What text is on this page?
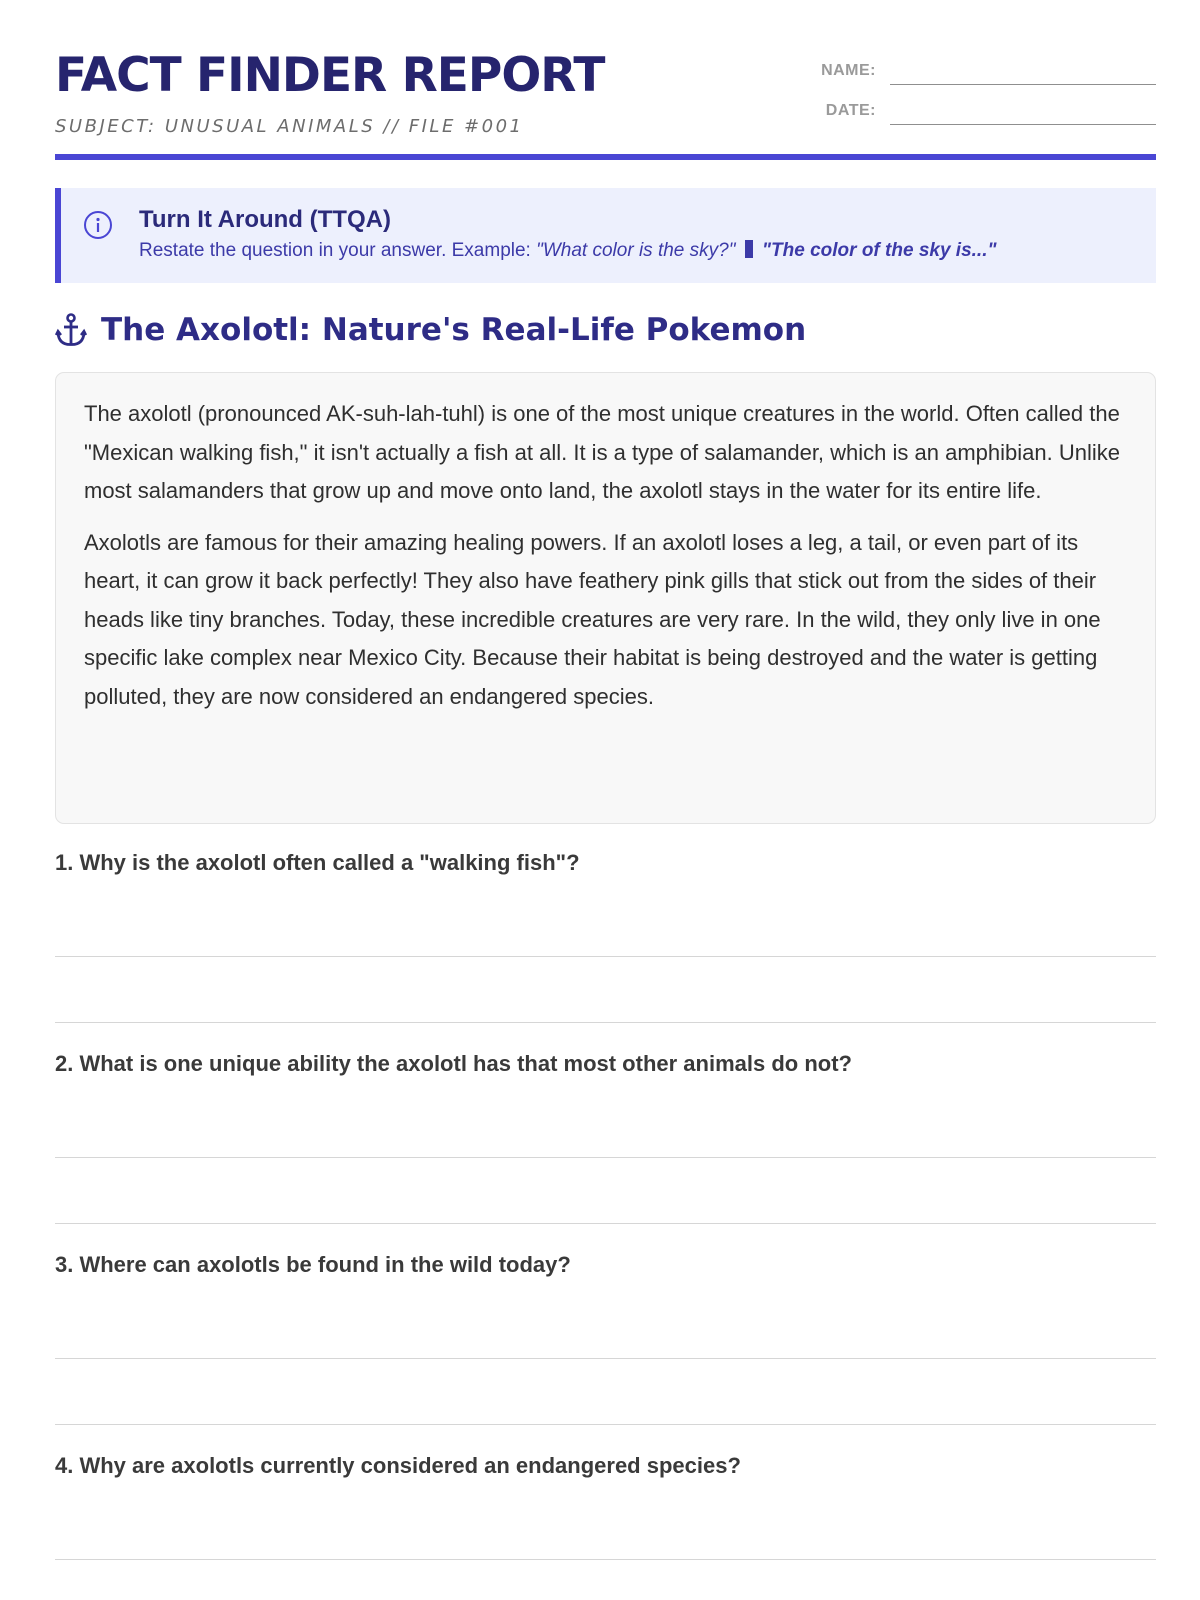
FACT FINDER REPORT
SUBJECT: UNUSUAL ANIMALS // FILE #001
NAME:
DATE:
Turn It Around (TTQA)
Restate the question in your answer. Example: "What color is the sky?" "The color of the sky is..."
The Axolotl: Nature's Real-Life Pokemon

The axolotl (pronounced AK-suh-lah-tuhl) is one of the most unique creatures in the world. Often called the "Mexican walking fish," it isn't actually a fish at all. It is a type of salamander, which is an amphibian. Unlike most salamanders that grow up and move onto land, the axolotl stays in the water for its entire life.

Axolotls are famous for their amazing healing powers. If an axolotl loses a leg, a tail, or even part of its heart, it can grow it back perfectly! They also have feathery pink gills that stick out from the sides of their heads like tiny branches. Today, these incredible creatures are very rare. In the wild, they only live in one specific lake complex near Mexico City. Because their habitat is being destroyed and the water is getting polluted, they are now considered an endangered species.

1. Why is the axolotl often called a "walking fish"?
2. What is one unique ability the axolotl has that most other animals do not?
3. Where can axolotls be found in the wild today?
4. Why are axolotls currently considered an endangered species?
